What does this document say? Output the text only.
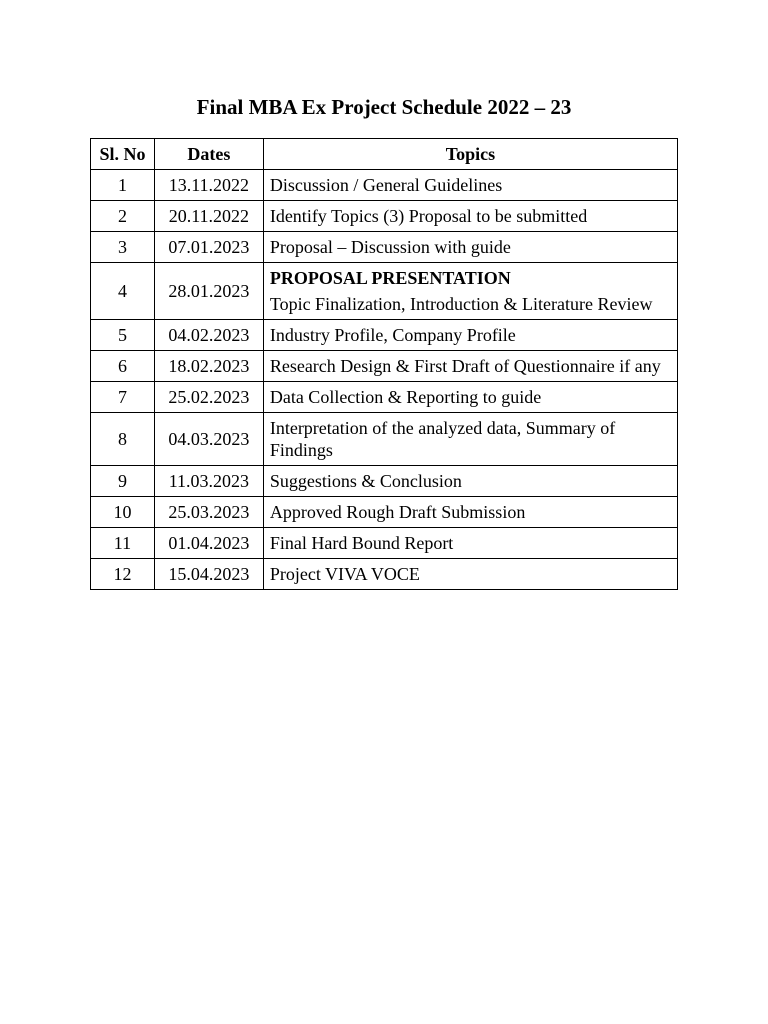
Final MBA Ex Project Schedule 2022 – 23
Sl. No	Dates	Topics
1	13.11.2022	Discussion / General Guidelines
2	20.11.2022	Identify Topics (3) Proposal to be submitted
3	07.01.2023	Proposal – Discussion with guide
4	28.01.2023	PROPOSAL PRESENTATION
Topic Finalization, Introduction & Literature Review

5	04.02.2023	Industry Profile, Company Profile
6	18.02.2023	Research Design & First Draft of Questionnaire if any
7	25.02.2023	Data Collection & Reporting to guide
8	04.03.2023	Interpretation of the analyzed data, Summary of Findings
9	11.03.2023	Suggestions & Conclusion
10	25.03.2023	Approved Rough Draft Submission
11	01.04.2023	Final Hard Bound Report
12	15.04.2023	Project VIVA VOCE
